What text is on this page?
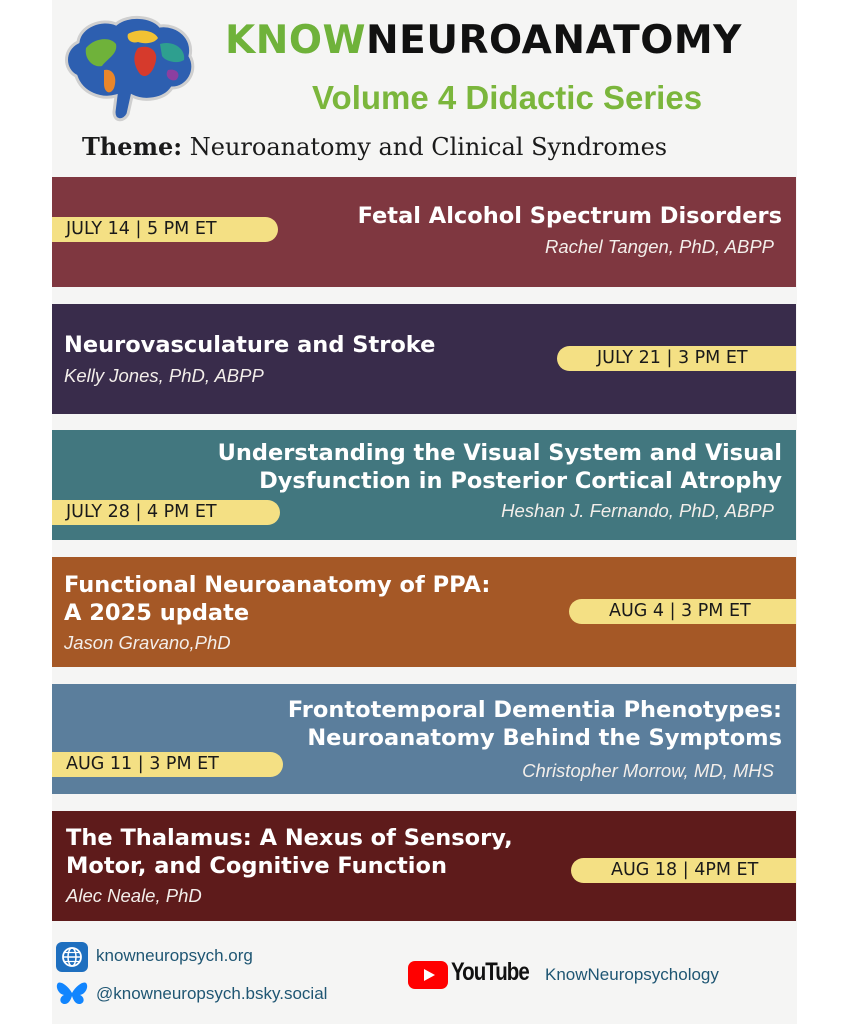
KNOWNEUROANATOMY
Volume 4 Didactic Series
Theme: Neuroanatomy and Clinical Syndromes
Fetal Alcohol Spectrum Disorders
Rachel Tangen, PhD, ABPP
JULY 14 | 5 PM ET
Neurovasculature and Stroke
Kelly Jones, PhD, ABPP
JULY 21 | 3 PM ET
Understanding the Visual System and Visual
Dysfunction in Posterior Cortical Atrophy
Heshan J. Fernando, PhD, ABPP
JULY 28 | 4 PM ET
Functional Neuroanatomy of PPA:
A 2025 update
Jason Gravano,PhD
AUG 4 | 3 PM ET
Frontotemporal Dementia Phenotypes:
Neuroanatomy Behind the Symptoms
Christopher Morrow, MD, MHS
AUG 11 | 3 PM ET
The Thalamus: A Nexus of Sensory,
Motor, and Cognitive Function
Alec Neale, PhD
AUG 18 | 4PM ET
knowneuropsych.org
@knowneuropsych.bsky.social
YouTube KnowNeuropsychology
